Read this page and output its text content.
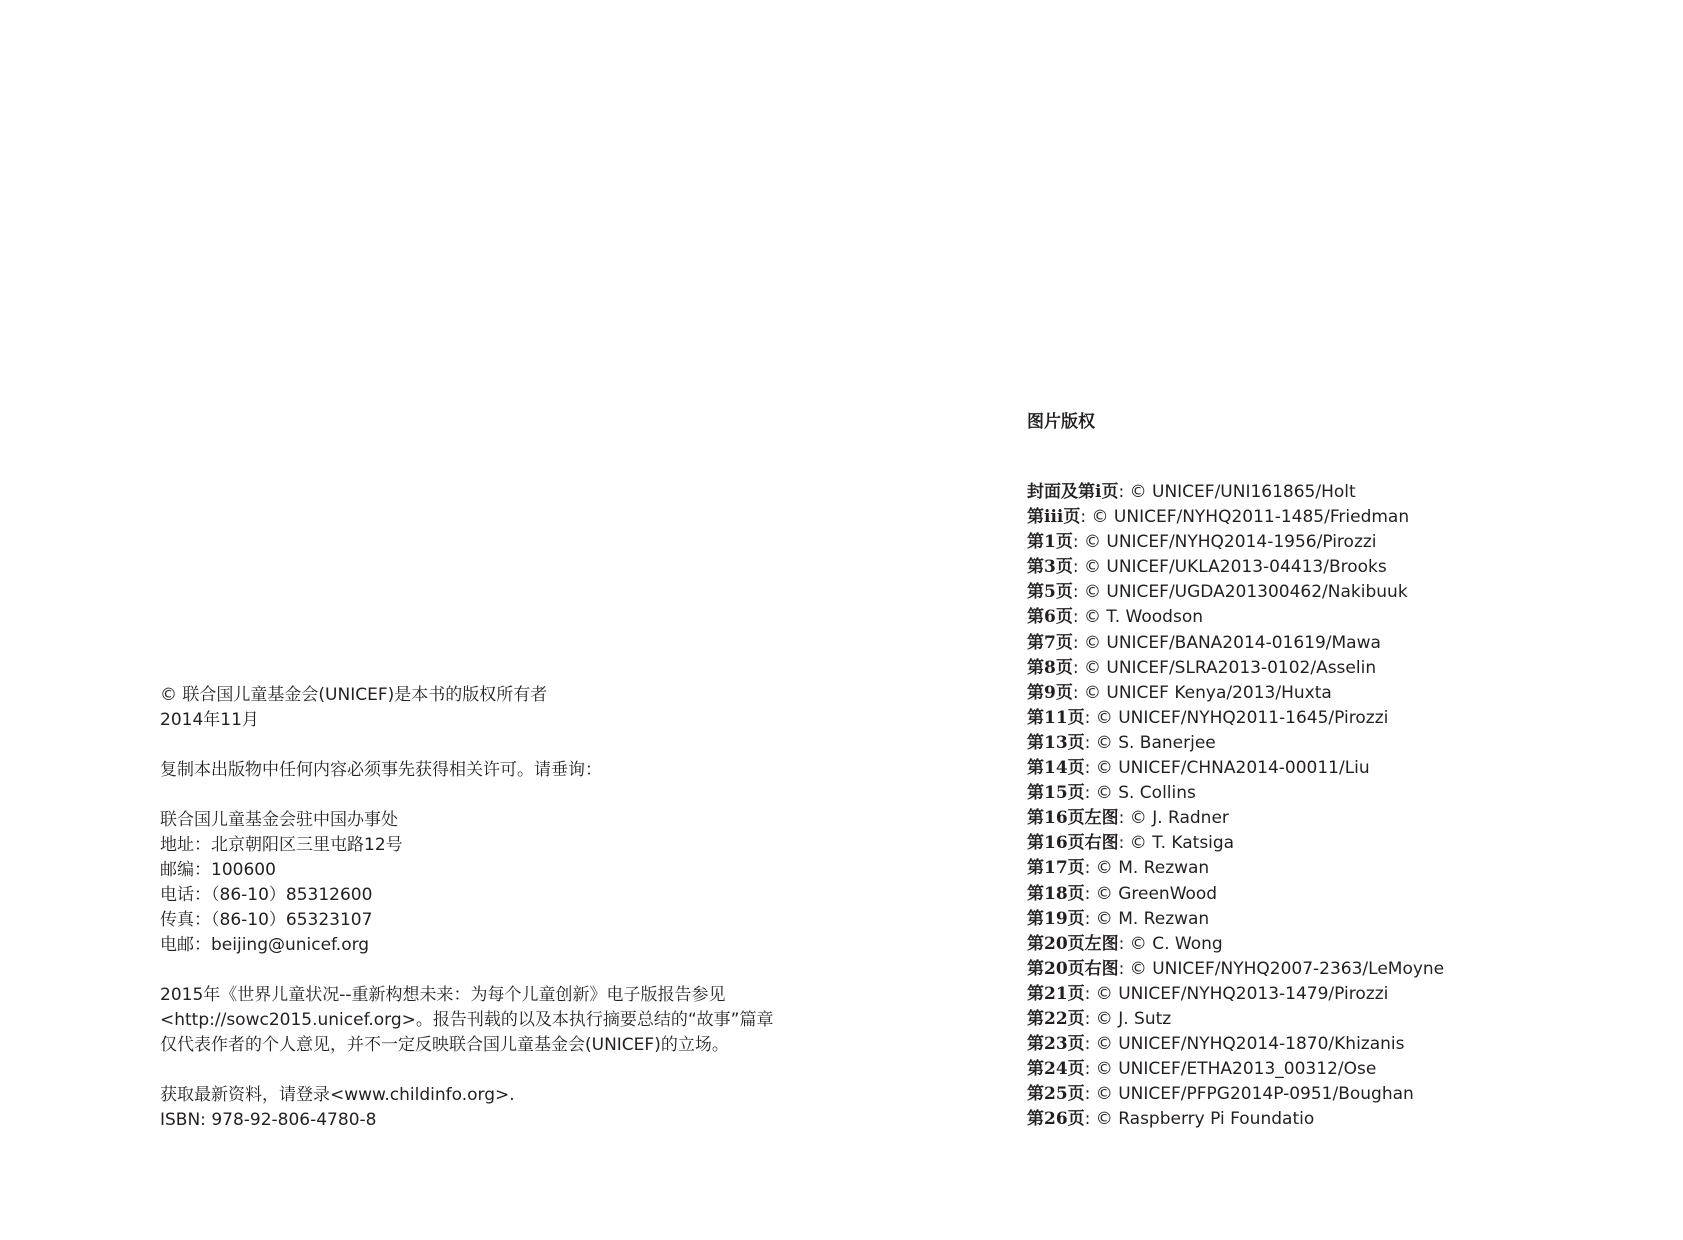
© 联合国儿童基金会(UNICEF)是本书的版权所有者
2014年11月
复制本出版物中任何内容必须事先获得相关许可。请垂询：
联合国儿童基金会驻中国办事处
地址：北京朝阳区三里屯路12号
邮编：100600
电话：（86-10）85312600
传真：（86-10）65323107
电邮：beijing@unicef.org
2015年《世界儿童状况--重新构想未来：为每个儿童创新》电子版报告参见
<http://sowc2015.unicef.org>。报告刊载的以及本执行摘要总结的“故事”篇章
仅代表作者的个人意见，并不一定反映联合国儿童基金会(UNICEF)的立场。
获取最新资料，请登录<www.childinfo.org>.
ISBN: 978-92-806-4780-8
图片版权
封面及第i页: © UNICEF/UNI161865/Holt
第iii页: © UNICEF/NYHQ2011-1485/Friedman
第1页: © UNICEF/NYHQ2014-1956/Pirozzi
第3页: © UNICEF/UKLA2013-04413/Brooks
第5页: © UNICEF/UGDA201300462/Nakibuuk
第6页: © T. Woodson
第7页: © UNICEF/BANA2014-01619/Mawa
第8页: © UNICEF/SLRA2013-0102/Asselin
第9页: © UNICEF Kenya/2013/Huxta
第11页: © UNICEF/NYHQ2011-1645/Pirozzi
第13页: © S. Banerjee
第14页: © UNICEF/CHNA2014-00011/Liu
第15页: © S. Collins
第16页左图: © J. Radner
第16页右图: © T. Katsiga
第17页: © M. Rezwan
第18页: © GreenWood
第19页: © M. Rezwan
第20页左图: © C. Wong
第20页右图: © UNICEF/NYHQ2007-2363/LeMoyne
第21页: © UNICEF/NYHQ2013-1479/Pirozzi
第22页: © J. Sutz
第23页: © UNICEF/NYHQ2014-1870/Khizanis
第24页: © UNICEF/ETHA2013_00312/Ose
第25页: © UNICEF/PFPG2014P-0951/Boughan
第26页: © Raspberry Pi Foundatio
